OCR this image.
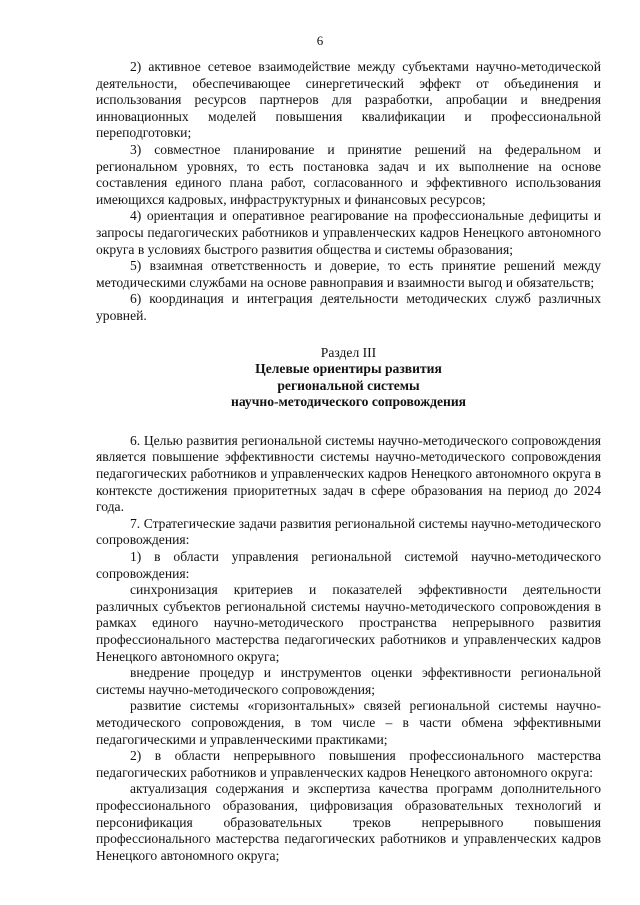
6

2) активное сетевое взаимодействие между субъектами научно-методической деятельности, обеспечивающее синергетический эффект от объединения и использования ресурсов партнеров для разработки, апробации и внедрения инновационных моделей повышения квалификации и профессиональной переподготовки;

3) совместное планирование и принятие решений на федеральном и региональном уровнях, то есть постановка задач и их выполнение на основе составления единого плана работ, согласованного и эффективного использования имеющихся кадровых, инфраструктурных и финансовых ресурсов;

4) ориентация и оперативное реагирование на профессиональные дефициты и запросы педагогических работников и управленческих кадров Ненецкого автономного округа в условиях быстрого развития общества и системы образования;

5) взаимная ответственность и доверие, то есть принятие решений между методическими службами на основе равноправия и взаимности выгод и обязательств;

6) координация и интеграция деятельности методических служб различных уровней.

Раздел III
Целевые ориентиры развития
региональной системы
научно-методического сопровождения

6. Целью развития региональной системы научно-методического сопровождения является повышение эффективности системы научно-методического сопровождения педагогических работников и управленческих кадров Ненецкого автономного округа в контексте достижения приоритетных задач в сфере образования на период до 2024 года.

7. Стратегические задачи развития региональной системы научно-методического сопровождения:

1) в области управления региональной системой научно-методического сопровождения:

синхронизация критериев и показателей эффективности деятельности различных субъектов региональной системы научно-методического сопровождения в рамках единого научно-методического пространства непрерывного развития профессионального мастерства педагогических работников и управленческих кадров Ненецкого автономного округа;

внедрение процедур и инструментов оценки эффективности региональной системы научно-методического сопровождения;

развитие системы «горизонтальных» связей региональной системы научно-методического сопровождения, в том числе – в части обмена эффективными педагогическими и управленческими практиками;

2) в области непрерывного повышения профессионального мастерства педагогических работников и управленческих кадров Ненецкого автономного округа:

актуализация содержания и экспертиза качества программ дополнительного профессионального образования, цифровизация образовательных технологий и персонификация образовательных треков непрерывного повышения профессионального мастерства педагогических работников и управленческих кадров Ненецкого автономного округа;
